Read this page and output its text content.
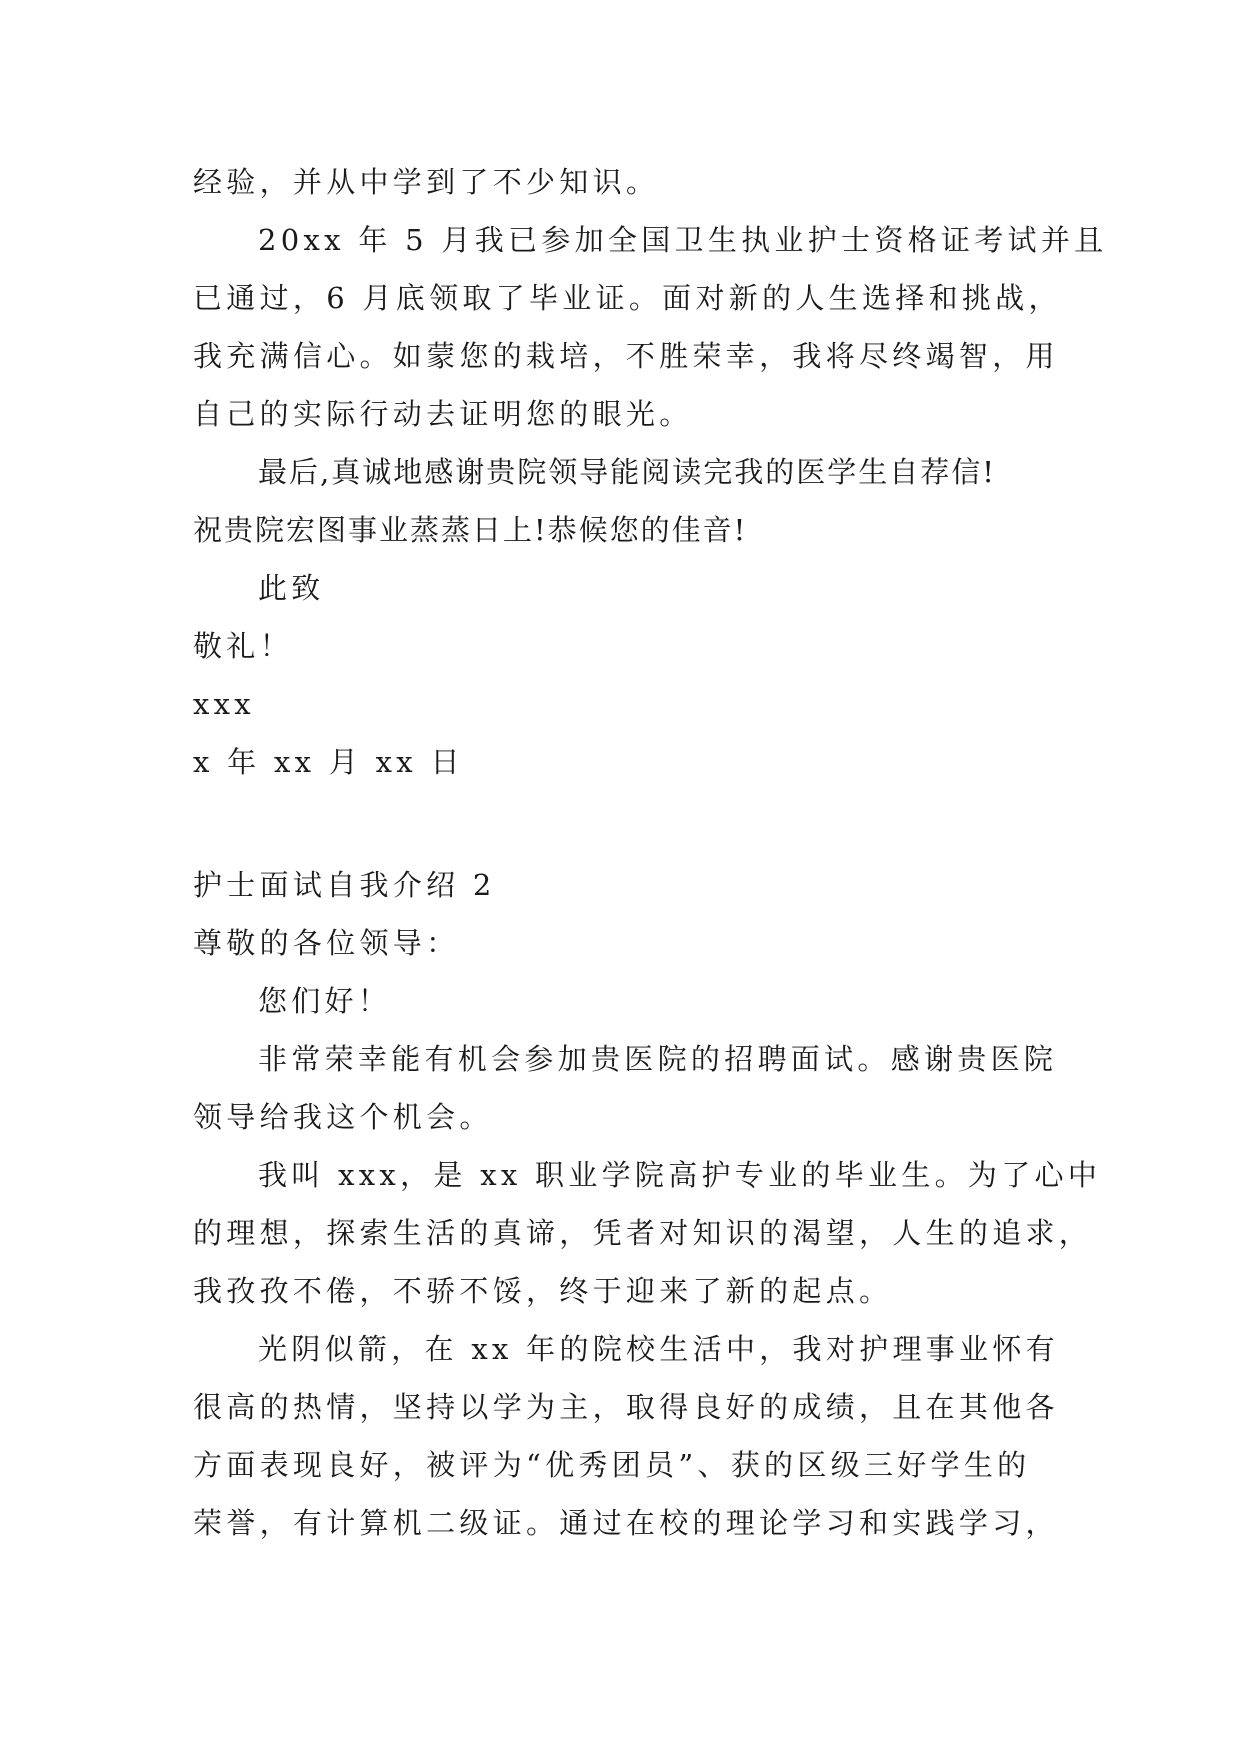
经验，并从中学到了不少知识。
20xx 年 5 月我已参加全国卫生执业护士资格证考试并且
已通过，6 月底领取了毕业证。面对新的人生选择和挑战，
我充满信心。如蒙您的栽培，不胜荣幸，我将尽终竭智，用
自己的实际行动去证明您的眼光。
最后,真诚地感谢贵院领导能阅读完我的医学生自荐信!
祝贵院宏图事业蒸蒸日上!恭候您的佳音!
此致
敬礼！
xxx
x 年 xx 月 xx 日
护士面试自我介绍 2
尊敬的各位领导：
您们好！
非常荣幸能有机会参加贵医院的招聘面试。感谢贵医院
领导给我这个机会。
我叫 xxx，是 xx 职业学院高护专业的毕业生。为了心中
的理想，探索生活的真谛，凭者对知识的渴望，人生的追求，
我孜孜不倦，不骄不馁，终于迎来了新的起点。
光阴似箭，在 xx 年的院校生活中，我对护理事业怀有
很高的热情，坚持以学为主，取得良好的成绩，且在其他各
方面表现良好，被评为“优秀团员”、获的区级三好学生的
荣誉，有计算机二级证。通过在校的理论学习和实践学习，
